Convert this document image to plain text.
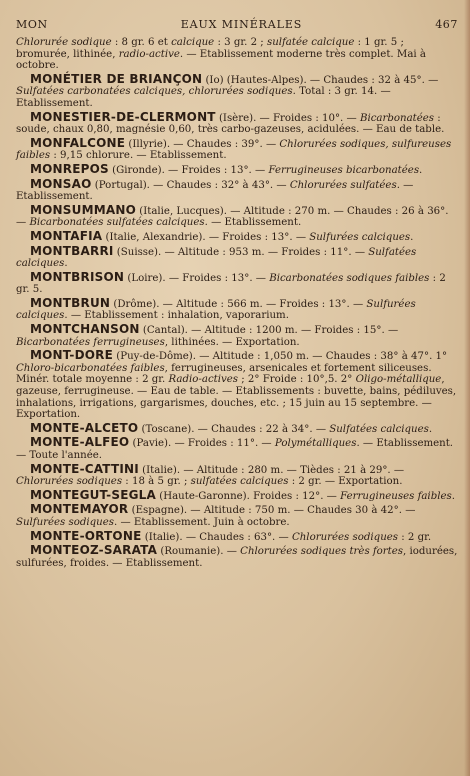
MON	EAUX MINÉRALES	467
Chlorurée sodique : 8 gr. 6 et calcique : 3 gr. 2 ; sulfatée calcique : 1 gr. 5 ; bromurée, lithinée, radio-active. — Etablissement moderne très complet. Mai à octobre.
MONÉTIER DE BRIANÇON (Io) (Hautes-Alpes). — Chaudes : 32 à 45°. — Sulfatées carbonatées calciques, chlorurées sodiques. Total : 3 gr. 14. — Etablissement.
MONESTIER-DE-CLERMONT (Isère). — Froides : 10°. — Bicarbonatées : soude, chaux 0,80, magnésie 0,60, très carbo-gazeuses, acidulées. — Eau de table.
MONFALCONE (Illyrie). — Chaudes : 39°. — Chlorurées sodiques, sulfureuses faibles : 9,15 chlorure. — Etablissement.
MONREPOS (Gironde). — Froides : 13°. — Ferrugineuses bicarbonatées.
MONSAO (Portugal). — Chaudes : 32° à 43°. — Chlorurées sulfatées. — Etablissement.
MONSUMMANO (Italie, Lucques). — Altitude : 270 m. — Chaudes : 26 à 36°. — Bicarbonatées sulfatées calciques. — Etablissement.
MONTAFIA (Italie, Alexandrie). — Froides : 13°. — Sulfurées calciques.
MONTBARRI (Suisse). — Altitude : 953 m. — Froides : 11°. — Sulfatées calciques.
MONTBRISON (Loire). — Froides : 13°. — Bicarbonatées sodiques faibles : 2 gr. 5.
MONTBRUN (Drôme). — Altitude : 566 m. — Froides : 13°. — Sulfurées calciques. — Etablissement : inhalation, vaporarium.
MONTCHANSON (Cantal). — Altitude : 1200 m. — Froides : 15°. — Bicarbonatées ferrugineuses, lithinées. — Exportation.
MONT-DORE (Puy-de-Dôme). — Altitude : 1,050 m. — Chaudes : 38° à 47°. 1° Chloro-bicarbonatées faibles, ferrugineuses, arsenicales et fortement siliceuses. Minér. totale moyenne : 2 gr. Radio-actives ; 2° Froide : 10°,5. 2° Oligo-métallique, gazeuse, ferrugineuse. — Eau de table. — Etablissements : buvette, bains, pédiluves, inhalations, irrigations, gargarismes, douches, etc. ; 15 juin au 15 septembre. — Exportation.
MONTE-ALCETO (Toscane). — Chaudes : 22 à 34°. — Sulfatées calciques.
MONTE-ALFEO (Pavie). — Froides : 11°. — Polymétalliques. — Etablissement. — Toute l'année.
MONTE-CATTINI (Italie). — Altitude : 280 m. — Tièdes : 21 à 29°. — Chlorurées sodiques : 18 à 5 gr. ; sulfatées calciques : 2 gr. — Exportation.
MONTEGUT-SEGLA (Haute-Garonne). Froides : 12°. — Ferrugineuses faibles.
MONTEMAYOR (Espagne). — Altitude : 750 m. — Chaudes 30 à 42°. — Sulfurées sodiques. — Etablissement. Juin à octobre.
MONTE-ORTONE (Italie). — Chaudes : 63°. — Chlorurées sodiques : 2 gr.
MONTEOZ-SARATA (Roumanie). — Chlorurées sodiques très fortes, iodurées, sulfurées, froides. — Etablissement.
